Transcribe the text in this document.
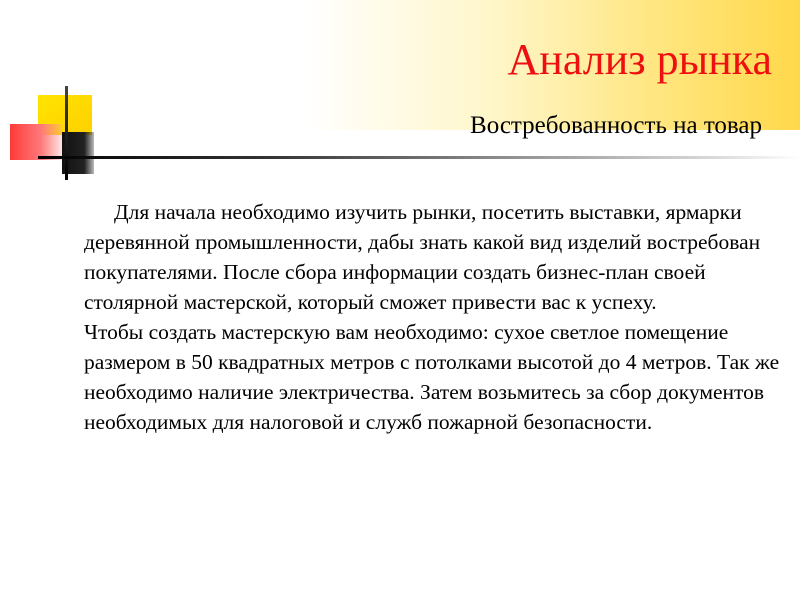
Анализ рынка
Востребованность на товар

Для начала необходимо изучить рынки, посетить выставки, ярмарки деревянной промышленности, дабы знать какой вид изделий востребован покупателями. После сбора информации создать бизнес-план своей столярной мастерской, который сможет привести вас к успеху.

Чтобы создать мастерскую вам необходимо: сухое светлое помещение размером в 50 квадратных метров с потолками высотой до 4 метров. Так же необходимо наличие электричества. Затем возьмитесь за сбор документов необходимых для налоговой и служб пожарной безопасности.
